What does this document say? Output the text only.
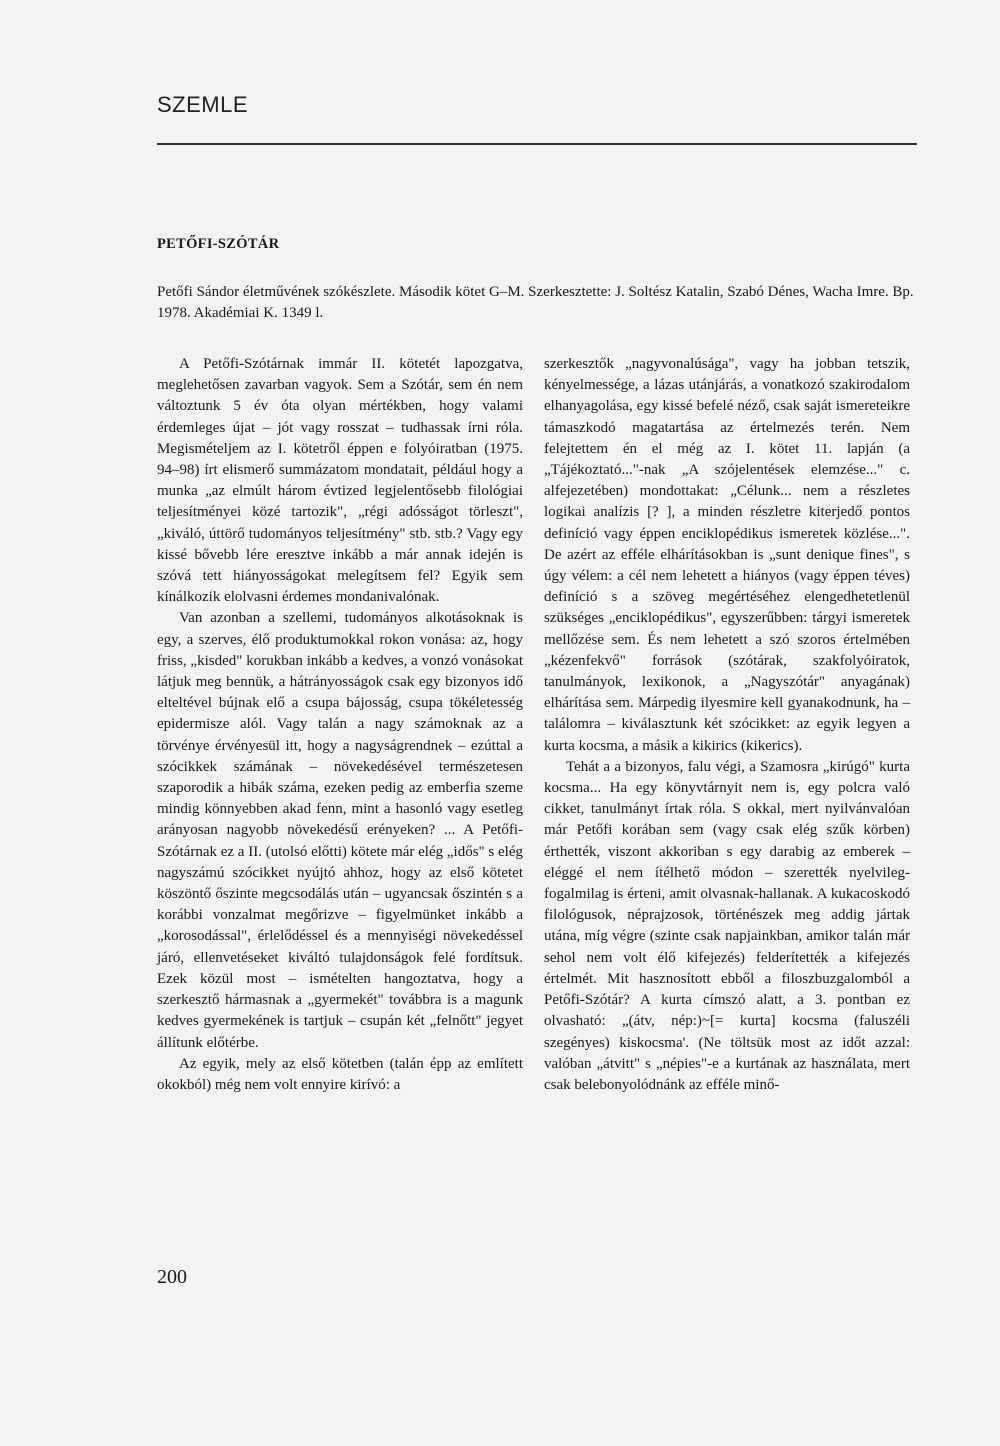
SZEMLE
PETŐFI-SZÓTÁR
Petőfi Sándor életművének szókészlete. Második kötet G–M. Szerkesztette: J. Soltész Katalin, Szabó Dénes, Wacha Imre. Bp. 1978. Akadémiai K. 1349 l.

A Petőfi-Szótárnak immár II. kötetét lapozgatva, meglehetősen zavarban vagyok. Sem a Szótár, sem én nem változtunk 5 év óta olyan mértékben, hogy valami érdemleges újat – jót vagy rosszat – tudhassak írni róla. Megismételjem az I. kötetről éppen e folyóiratban (1975. 94–98) írt elismerő summázatom mondatait, például hogy a munka „az elmúlt három évtized legjelentősebb filológiai teljesítményei közé tartozik", „régi adósságot törleszt", „kiváló, úttörő tudományos teljesítmény" stb. stb.? Vagy egy kissé bővebb lére eresztve inkább a már annak idején is szóvá tett hiányosságokat melegítsem fel? Egyik sem kínálkozik elolvasni érdemes mondanivalónak.

Van azonban a szellemi, tudományos alkotásoknak is egy, a szerves, élő produktumokkal rokon vonása: az, hogy friss, „kisded" korukban inkább a kedves, a vonzó vonásokat látjuk meg bennük, a hátrányosságok csak egy bizonyos idő elteltével bújnak elő a csupa bájosság, csupa tökéletesség epidermisze alól. Vagy talán a nagy számoknak az a törvénye érvényesül itt, hogy a nagyságrendnek – ezúttal a szócikkek számának – növekedésével természetesen szaporodik a hibák száma, ezeken pedig az emberfia szeme mindig könnyebben akad fenn, mint a hasonló vagy esetleg arányosan nagyobb növekedésű erényeken? ... A Petőfi-Szótárnak ez a II. (utolsó előtti) kötete már elég „idős" s elég nagyszámú szócikket nyújtó ahhoz, hogy az első kötetet köszöntő őszinte megcsodálás után – ugyancsak őszintén s a korábbi vonzalmat megőrizve – figyelmünket inkább a „korosodással", érlelődéssel és a mennyiségi növekedéssel járó, ellenvetéseket kiváltó tulajdonságok felé fordítsuk. Ezek közül most – ismételten hangoztatva, hogy a szerkesztő hármasnak a „gyermekét" továbbra is a magunk kedves gyermekének is tartjuk – csupán két „felnőtt" jegyet állítunk előtérbe.

Az egyik, mely az első kötetben (talán épp az említett okokból) még nem volt ennyire kirívó: a

szerkesztők „nagyvonalúsága", vagy ha jobban tetszik, kényelmessége, a lázas utánjárás, a vonatkozó szakirodalom elhanyagolása, egy kissé befelé néző, csak saját ismereteikre támaszkodó magatartása az értelmezés terén. Nem felejtettem én el még az I. kötet 11. lapján (a „Tájékoztató..."-nak „A szójelentések elemzése..." c. alfejezetében) mondottakat: „Célunk... nem a részletes logikai analízis [? ], a minden részletre kiterjedő pontos definíció vagy éppen enciklopédikus ismeretek közlése...". De azért az efféle elhárításokban is „sunt denique fines", s úgy vélem: a cél nem lehetett a hiányos (vagy éppen téves) definíció s a szöveg megértéséhez elengedhetetlenül szükséges „enciklopédikus", egyszerűbben: tárgyi ismeretek mellőzése sem. És nem lehetett a szó szoros értelmében „kézenfekvő" források (szótárak, szakfolyóiratok, tanulmányok, lexikonok, a „Nagyszótár" anyagának) elhárítása sem. Márpedig ilyesmire kell gyanakodnunk, ha – találomra – kiválasztunk két szócikket: az egyik legyen a kurta kocsma, a másik a kikirics (kikerics).

Tehát a a bizonyos, falu végi, a Szamosra „kirúgó" kurta kocsma... Ha egy könyvtárnyit nem is, egy polcra való cikket, tanulmányt írtak róla. S okkal, mert nyilvánvalóan már Petőfi korában sem (vagy csak elég szűk körben) érthették, viszont akkoriban s egy darabig az emberek – eléggé el nem ítélhető módon – szerették nyelvileg-fogalmilag is érteni, amit olvasnak-hallanak. A kukacoskodó filológusok, néprajzosok, történészek meg addig jártak utána, míg végre (szinte csak napjainkban, amikor talán már sehol nem volt élő kifejezés) felderítették a kifejezés értelmét. Mit hasznosított ebből a filoszbuzgalomból a Petőfi-Szótár? A kurta címszó alatt, a 3. pontban ez olvasható: „(átv, nép:)~[= kurta] kocsma (faluszéli szegényes) kiskocsma'. (Ne töltsük most az időt azzal: valóban „átvitt" s „népies"-e a kurtának az használata, mert csak belebonyolódnánk az efféle minő-

200
